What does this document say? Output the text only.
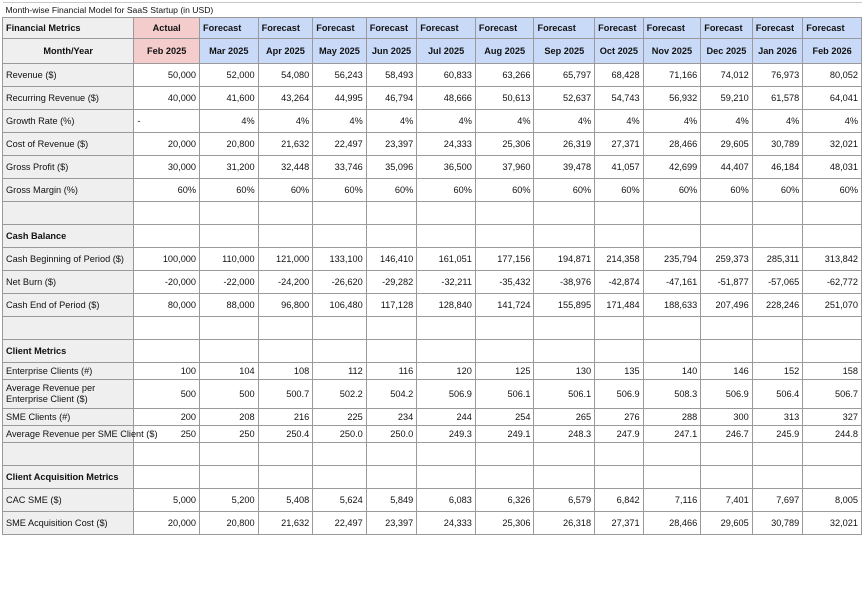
Month-wise Financial Model for SaaS Startup (in USD)													
Financial Metrics	Actual	Forecast	Forecast	Forecast	Forecast	Forecast	Forecast	Forecast	Forecast	Forecast	Forecast	Forecast	Forecast
Month/Year	Feb 2025	Mar 2025	Apr 2025	May 2025	Jun 2025	Jul 2025	Aug 2025	Sep 2025	Oct 2025	Nov 2025	Dec 2025	Jan 2026	Feb 2026
Revenue ($)	50,000	52,000	54,080	56,243	58,493	60,833	63,266	65,797	68,428	71,166	74,012	76,973	80,052
Recurring Revenue ($)	40,000	41,600	43,264	44,995	46,794	48,666	50,613	52,637	54,743	56,932	59,210	61,578	64,041
Growth Rate (%)	-	4%	4%	4%	4%	4%	4%	4%	4%	4%	4%	4%	4%
Cost of Revenue ($)	20,000	20,800	21,632	22,497	23,397	24,333	25,306	26,319	27,371	28,466	29,605	30,789	32,021
Gross Profit ($)	30,000	31,200	32,448	33,746	35,096	36,500	37,960	39,478	41,057	42,699	44,407	46,184	48,031
Gross Margin (%)	60%	60%	60%	60%	60%	60%	60%	60%	60%	60%	60%	60%	60%

Cash Balance													
Cash Beginning of Period ($)	100,000	110,000	121,000	133,100	146,410	161,051	177,156	194,871	214,358	235,794	259,373	285,311	313,842
Net Burn ($)	-20,000	-22,000	-24,200	-26,620	-29,282	-32,211	-35,432	-38,976	-42,874	-47,161	-51,877	-57,065	-62,772
Cash End of Period ($)	80,000	88,000	96,800	106,480	117,128	128,840	141,724	155,895	171,484	188,633	207,496	228,246	251,070

Client Metrics													
Enterprise Clients (#)	100	104	108	112	116	120	125	130	135	140	146	152	158
Average Revenue per Enterprise Client ($)	500	500	500.7	502.2	504.2	506.9	506.1	506.1	506.9	508.3	506.9	506.4	506.7
SME Clients (#)	200	208	216	225	234	244	254	265	276	288	300	313	327
Average Revenue per SME Client ($)	250	250	250.4	250.0	250.0	249.3	249.1	248.3	247.9	247.1	246.7	245.9	244.8

Client Acquisition Metrics													
CAC SME ($)	5,000	5,200	5,408	5,624	5,849	6,083	6,326	6,579	6,842	7,116	7,401	7,697	8,005
SME Acquisition Cost ($)	20,000	20,800	21,632	22,497	23,397	24,333	25,306	26,318	27,371	28,466	29,605	30,789	32,021
